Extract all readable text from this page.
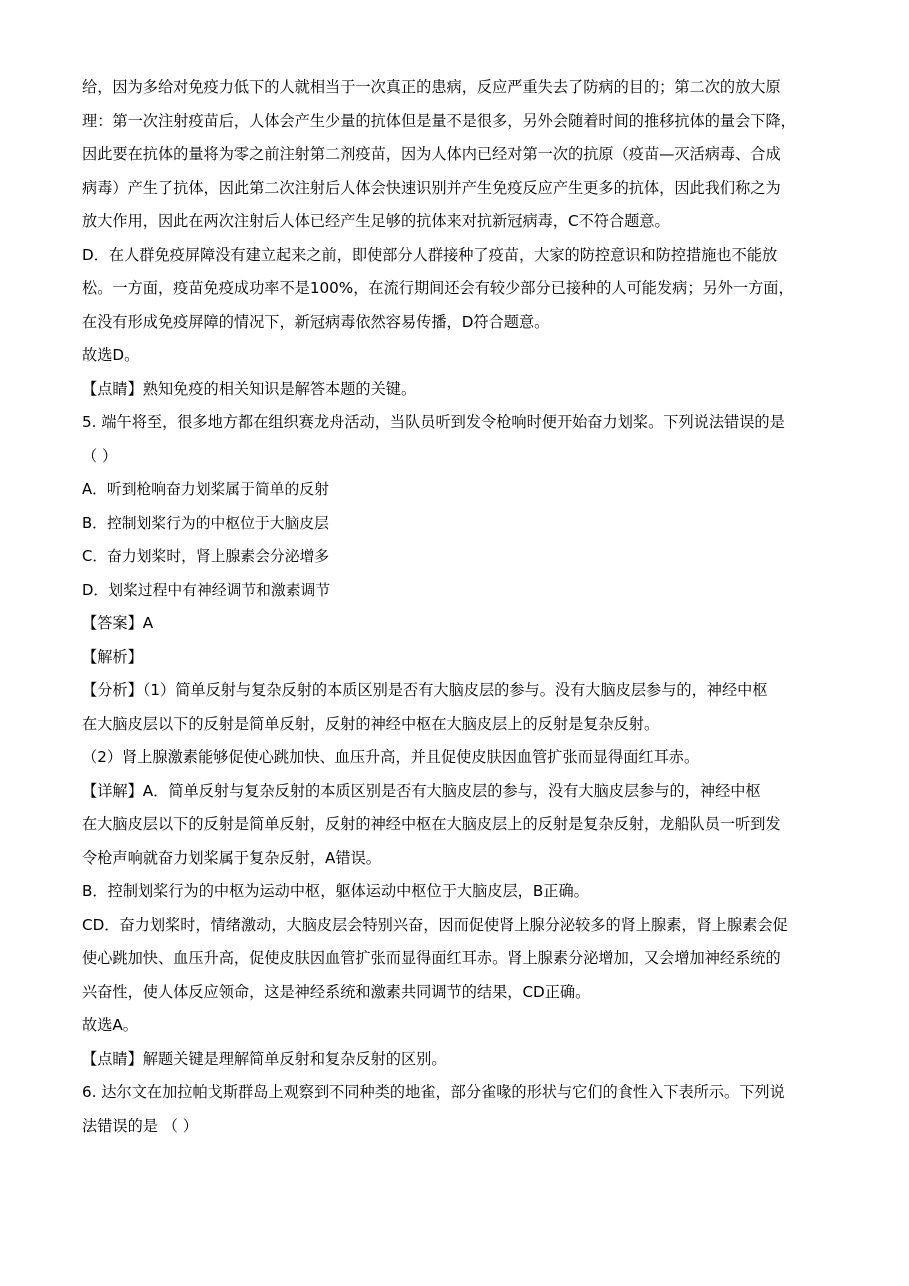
给，因为多给对免疫力低下的人就相当于一次真正的患病，反应严重失去了防病的目的；第二次的放大原
理：第一次注射疫苗后，人体会产生少量的抗体但是量不是很多，另外会随着时间的推移抗体的量会下降，
因此要在抗体的量将为零之前注射第二剂疫苗，因为人体内已经对第一次的抗原（疫苗—灭活病毒、合成
病毒）产生了抗体，因此第二次注射后人体会快速识别并产生免疫反应产生更多的抗体，因此我们称之为
放大作用，因此在两次注射后人体已经产生足够的抗体来对抗新冠病毒，C不符合题意。
D．在人群免疫屏障没有建立起来之前，即使部分人群接种了疫苗，大家的防控意识和防控措施也不能放
松。一方面，疫苗免疫成功率不是100%，在流行期间还会有较少部分已接种的人可能发病；另外一方面，
在没有形成免疫屏障的情况下，新冠病毒依然容易传播，D符合题意。
故选D。
【点睛】熟知免疫的相关知识是解答本题的关键。
5. 端午将至，很多地方都在组织赛龙舟活动，当队员听到发令枪响时便开始奋力划桨。下列说法错误的是
（ ）
A．听到枪响奋力划桨属于简单的反射
B．控制划桨行为的中枢位于大脑皮层
C．奋力划桨时，肾上腺素会分泌增多
D．划桨过程中有神经调节和激素调节
【答案】A
【解析】
【分析】（1）简单反射与复杂反射的本质区别是否有大脑皮层的参与。没有大脑皮层参与的，神经中枢
在大脑皮层以下的反射是简单反射，反射的神经中枢在大脑皮层上的反射是复杂反射。
（2）肾上腺激素能够促使心跳加快、血压升高，并且促使皮肤因血管扩张而显得面红耳赤。
【详解】A．简单反射与复杂反射的本质区别是否有大脑皮层的参与，没有大脑皮层参与的，神经中枢
在大脑皮层以下的反射是简单反射，反射的神经中枢在大脑皮层上的反射是复杂反射，龙船队员一听到发
令枪声响就奋力划桨属于复杂反射，A错误。
B．控制划桨行为的中枢为运动中枢，躯体运动中枢位于大脑皮层，B正确。
CD．奋力划桨时，情绪激动，大脑皮层会特别兴奋，因而促使肾上腺分泌较多的肾上腺素，肾上腺素会促
使心跳加快、血压升高，促使皮肤因血管扩张而显得面红耳赤。肾上腺素分泌增加，又会增加神经系统的
兴奋性，使人体反应领命，这是神经系统和激素共同调节的结果，CD正确。
故选A。
【点睛】解题关键是理解简单反射和复杂反射的区别。
6. 达尔文在加拉帕戈斯群岛上观察到不同种类的地雀，部分雀喙的形状与它们的食性入下表所示。下列说
法错误的是 （ ）
